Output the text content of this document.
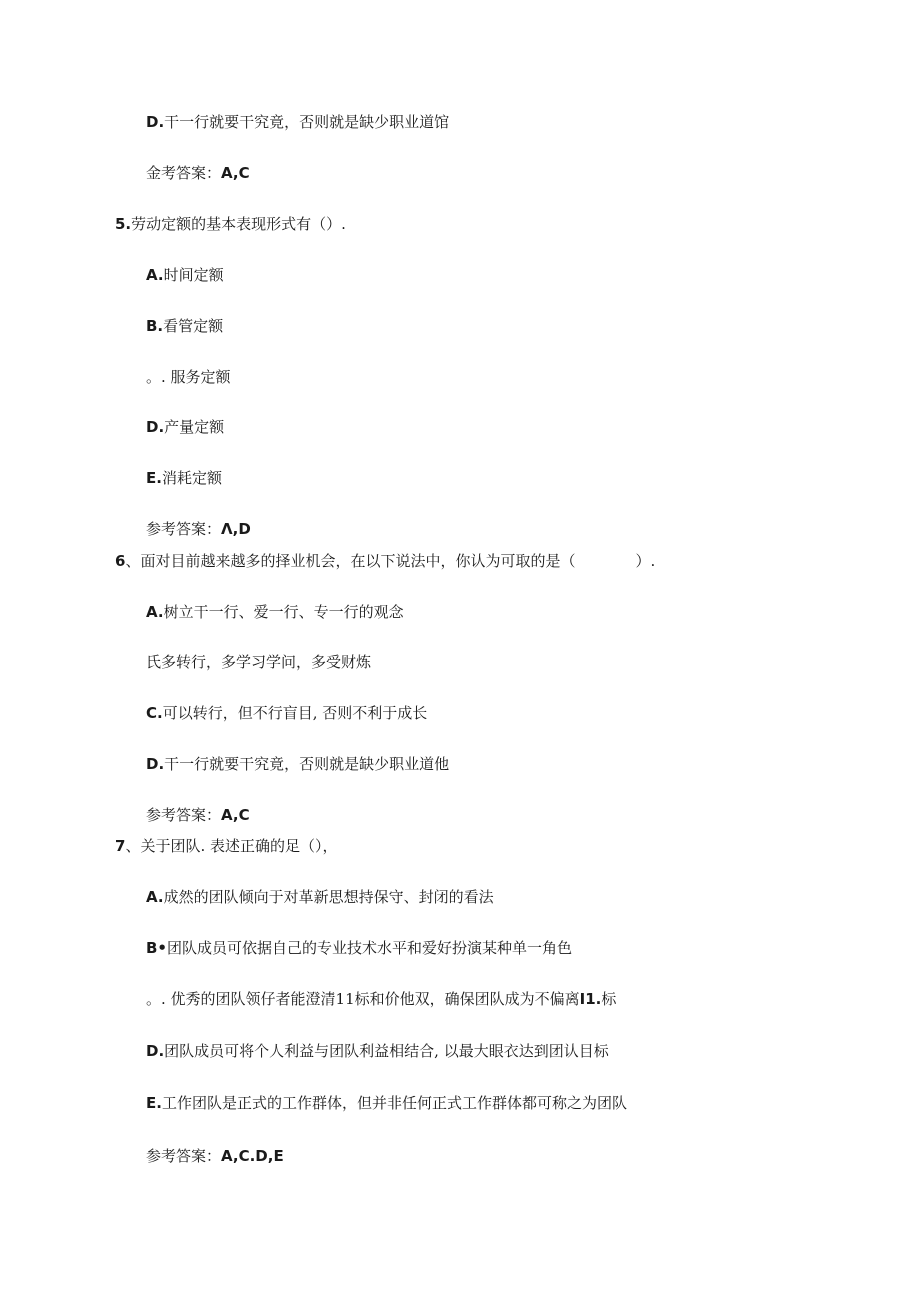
D.干一行就要干究竟，否则就是缺少职业道馆

金考答案：A,C

5.劳动定额的基本表现形式有（）.

A.时间定额

B.看管定额

。. 服务定额

D.产量定额

E.消耗定额

参考答案：Λ,D

6、面对目前越来越多的择业机会，在以下说法中，你认为可取的是（　　　　）.

A.树立干一行、爱一行、专一行的观念

氏多转行，多学习学问，多受财炼

C.可以转行，但不行盲目, 否则不利于成长

D.干一行就要干究竟，否则就是缺少职业道他

参考答案：A,C

7、关于团队. 表述正确的足（），

A.成然的团队倾向于对革新思想持保守、封闭的看法

B•团队成员可依据自己的专业技术水平和爱好扮演某种单一角色

。. 优秀的团队领仔者能澄清11标和价他双，确保团队成为不偏离I1.标

D.团队成员可将个人利益与团队利益相结合, 以最大眼衣达到团认目标

E.工作团队是正式的工作群体，但并非任何正式工作群体都可称之为团队

参考答案：A,C.D,E
